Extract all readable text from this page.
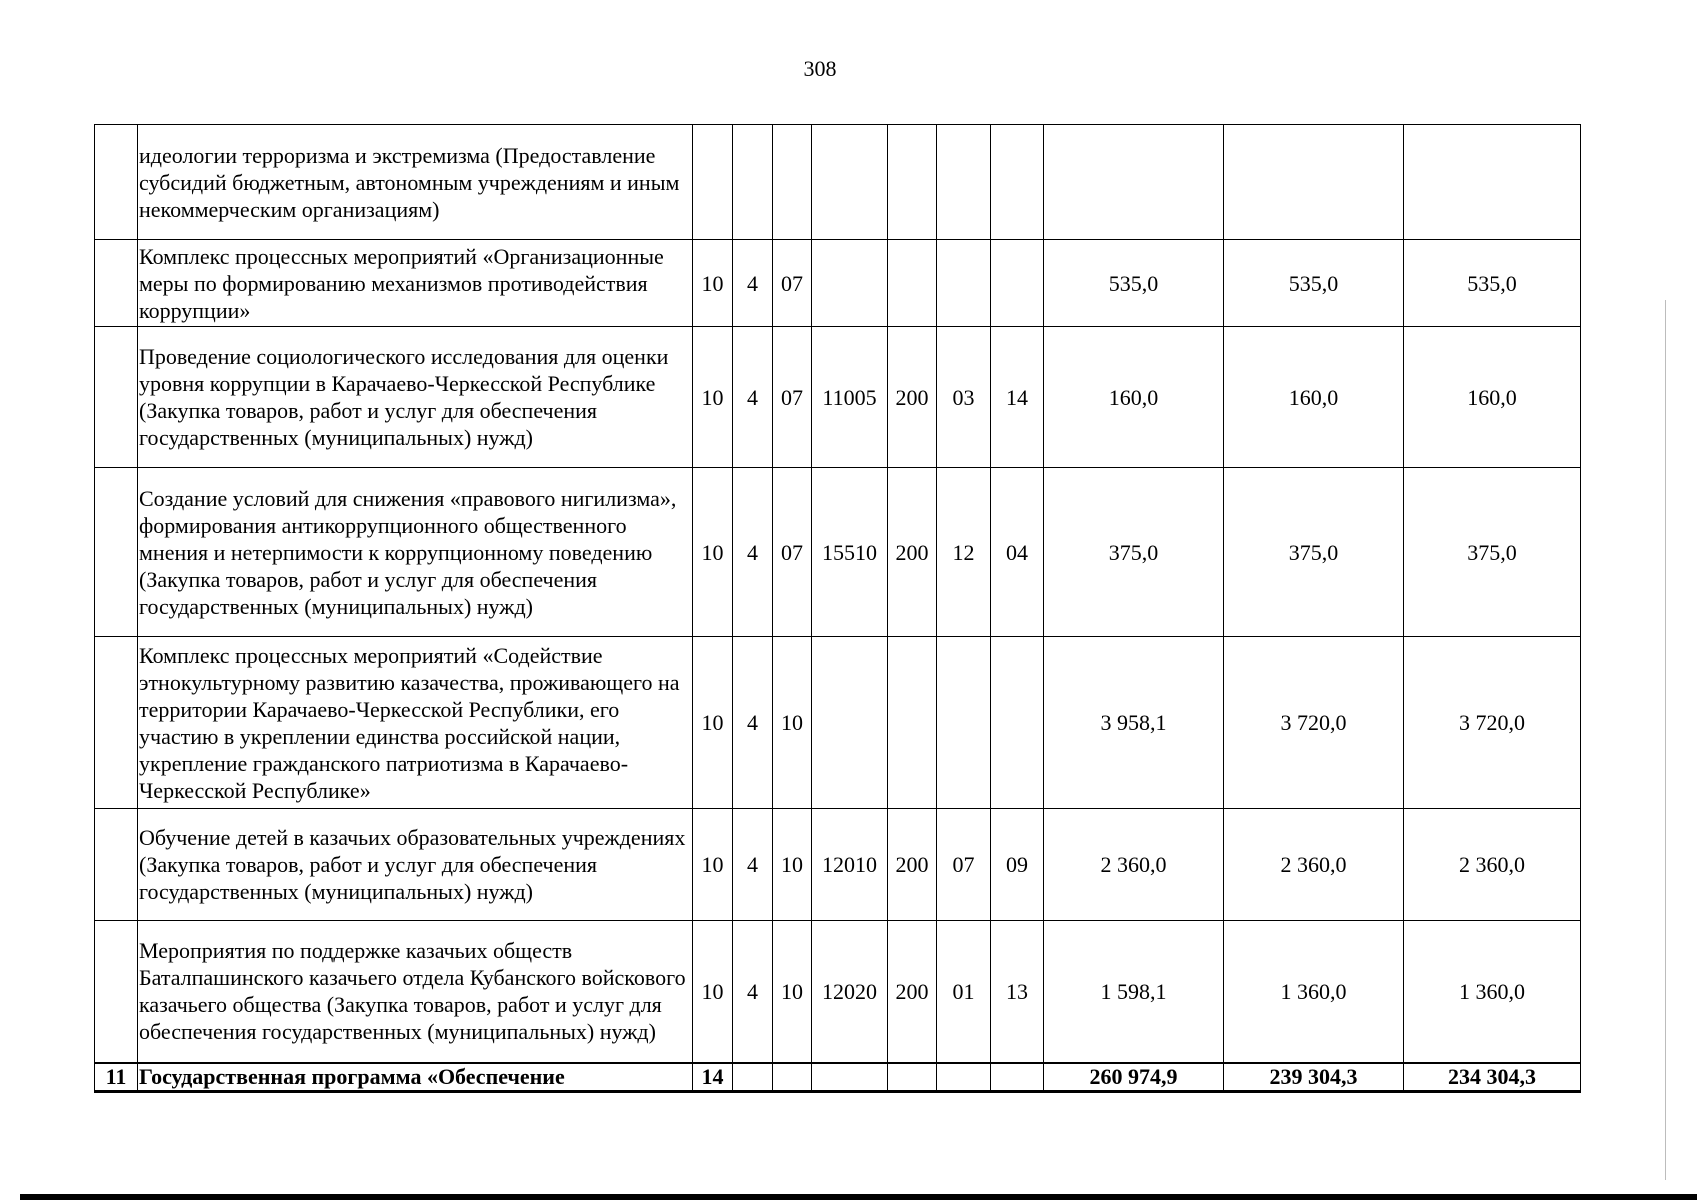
308
	идеологии терроризма и экстремизма (Предоставление субсидий бюджетным, автономным учреждениям и иным некоммерческим организациям)										
	Комплекс процессных мероприятий «Организационные меры по формированию механизмов противодействия коррупции»	10	4	07					535,0	535,0	535,0
	Проведение социологического исследования для оценки уровня коррупции в Карачаево-Черкесской Республике (Закупка товаров, работ и услуг для обеспечения государственных (муниципальных) нужд)	10	4	07	11005	200	03	14	160,0	160,0	160,0
	Создание условий для снижения «правового нигилизма», формирования антикоррупционного общественного мнения и нетерпимости к коррупционному поведению (Закупка товаров, работ и услуг для обеспечения государственных (муниципальных) нужд)	10	4	07	15510	200	12	04	375,0	375,0	375,0
	Комплекс процессных мероприятий «Содействие этнокультурному развитию казачества, проживающего на территории Карачаево-Черкесской Республики, его участию в укреплении единства российской нации, укрепление гражданского патриотизма в Карачаево-Черкесской Республике»	10	4	10					3 958,1	3 720,0	3 720,0
	Обучение детей в казачьих образовательных учреждениях (Закупка товаров, работ и услуг для обеспечения государственных (муниципальных) нужд)	10	4	10	12010	200	07	09	2 360,0	2 360,0	2 360,0
	Мероприятия по поддержке казачьих обществ Баталпашинского казачьего отдела Кубанского войскового казачьего общества (Закупка товаров, работ и услуг для обеспечения государственных (муниципальных) нужд)	10	4	10	12020	200	01	13	1 598,1	1 360,0	1 360,0
11	Государственная программа «Обеспечение	14							260 974,9	239 304,3	234 304,3
